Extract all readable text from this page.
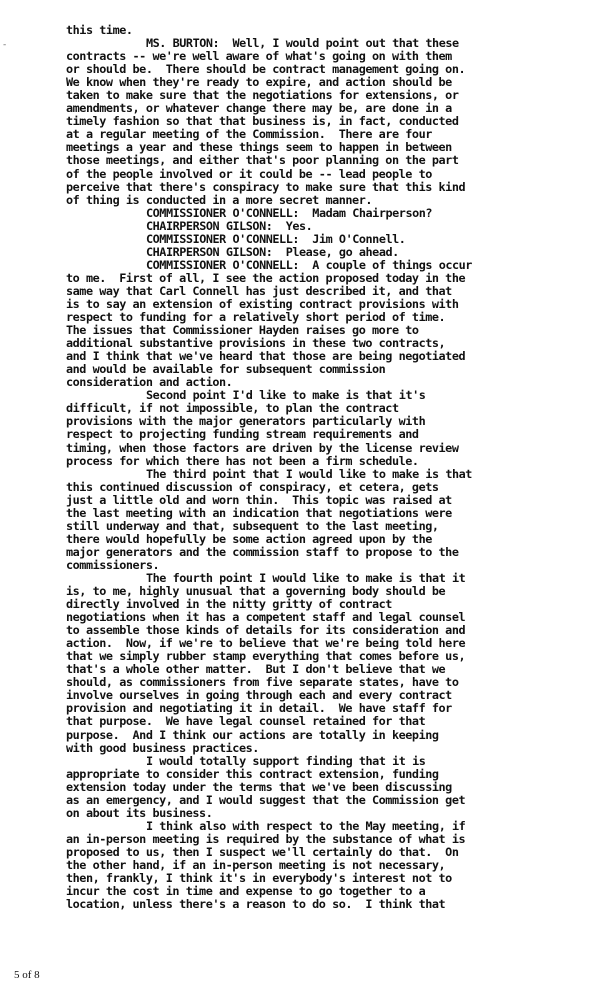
-
this time.
MS. BURTON:  Well, I would point out that these
contracts -- we're well aware of what's going on with them
or should be.  There should be contract management going on.
We know when they're ready to expire, and action should be
taken to make sure that the negotiations for extensions, or
amendments, or whatever change there may be, are done in a
timely fashion so that that business is, in fact, conducted
at a regular meeting of the Commission.  There are four
meetings a year and these things seem to happen in between
those meetings, and either that's poor planning on the part
of the people involved or it could be -- lead people to
perceive that there's conspiracy to make sure that this kind
of thing is conducted in a more secret manner.
COMMISSIONER O'CONNELL:  Madam Chairperson?
CHAIRPERSON GILSON:  Yes.
COMMISSIONER O'CONNELL:  Jim O'Connell.
CHAIRPERSON GILSON:  Please, go ahead.
COMMISSIONER O'CONNELL:  A couple of things occur
to me.  First of all, I see the action proposed today in the
same way that Carl Connell has just described it, and that
is to say an extension of existing contract provisions with
respect to funding for a relatively short period of time.
The issues that Commissioner Hayden raises go more to
additional substantive provisions in these two contracts,
and I think that we've heard that those are being negotiated
and would be available for subsequent commission
consideration and action.
Second point I'd like to make is that it's
difficult, if not impossible, to plan the contract
provisions with the major generators particularly with
respect to projecting funding stream requirements and
timing, when those factors are driven by the license review
process for which there has not been a firm schedule.
The third point that I would like to make is that
this continued discussion of conspiracy, et cetera, gets
just a little old and worn thin.  This topic was raised at
the last meeting with an indication that negotiations were
still underway and that, subsequent to the last meeting,
there would hopefully be some action agreed upon by the
major generators and the commission staff to propose to the
commissioners.
The fourth point I would like to make is that it
is, to me, highly unusual that a governing body should be
directly involved in the nitty gritty of contract
negotiations when it has a competent staff and legal counsel
to assemble those kinds of details for its consideration and
action.  Now, if we're to believe that we're being told here
that we simply rubber stamp everything that comes before us,
that's a whole other matter.  But I don't believe that we
should, as commissioners from five separate states, have to
involve ourselves in going through each and every contract
provision and negotiating it in detail.  We have staff for
that purpose.  We have legal counsel retained for that
purpose.  And I think our actions are totally in keeping
with good business practices.
I would totally support finding that it is
appropriate to consider this contract extension, funding
extension today under the terms that we've been discussing
as an emergency, and I would suggest that the Commission get
on about its business.
I think also with respect to the May meeting, if
an in-person meeting is required by the substance of what is
proposed to us, then I suspect we'll certainly do that.  On
the other hand, if an in-person meeting is not necessary,
then, frankly, I think it's in everybody's interest not to
incur the cost in time and expense to go together to a
location, unless there's a reason to do so.  I think that
5 of 8
